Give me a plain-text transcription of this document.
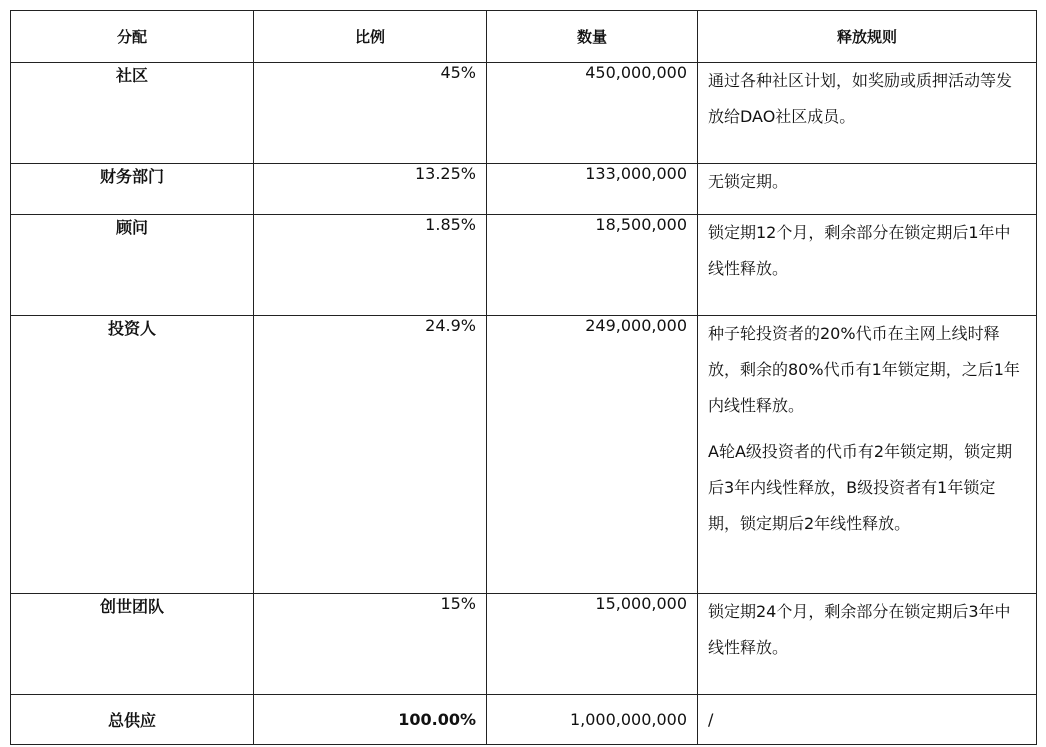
分配	比例	数量	释放规则
社区	45%	450,000,000	通过各种社区计划，如奖励或质押活动等发放给DAO社区成员。

财务部门	13.25%	133,000,000	无锁定期。

顾问	1.85%	18,500,000	锁定期12个月，剩余部分在锁定期后1年中线性释放。

投资人	24.9%	249,000,000	种子轮投资者的20%代币在主网上线时释放，剩余的80%代币有1年锁定期，之后1年内线性释放。

A轮A级投资者的代币有2年锁定期，锁定期后3年内线性释放，B级投资者有1年锁定期，锁定期后2年线性释放。

创世团队	15%	15,000,000	锁定期24个月，剩余部分在锁定期后3年中线性释放。

总供应	100.00%	1,000,000,000	/
